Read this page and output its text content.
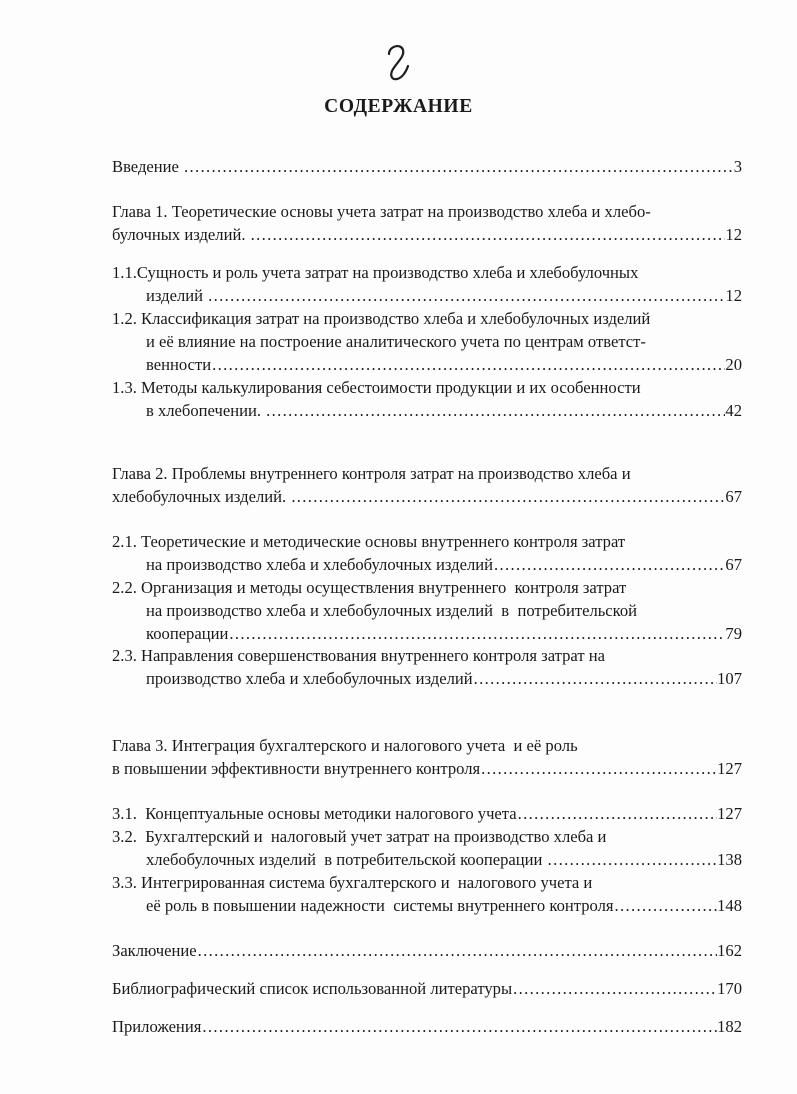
СОДЕРЖАНИЕ
Введение .....	3
Глава 1. Теоретические основы учета затрат на производство хлеба и хлебо-
булочных изделий. .....	12
1.1.Сущность и роль учета затрат на производство хлеба и хлебобулочных
изделий .....	12
1.2. Классификация затрат на производство хлеба и хлебобулочных изделий
и её влияние на построение аналитического учета по центрам ответст-
венности .....	20
1.3. Методы калькулирования себестоимости продукции и их особенности
в хлебопечении. .....	42
Глава 2. Проблемы внутреннего контроля затрат на производство хлеба и
хлебобулочных изделий. .....	67
2.1. Теоретические и методические основы внутреннего контроля затрат
на производство хлеба и хлебобулочных изделий .....	67
2.2. Организация и методы осуществления внутреннего  контроля затрат
на производство хлеба и хлебобулочных изделий  в  потребительской
кооперации .....	79
2.3. Направления совершенствования внутреннего контроля затрат на
производство хлеба и хлебобулочных изделий .....	107
Глава 3. Интеграция бухгалтерского и налогового учета  и её роль
в повышении эффективности внутреннего контроля .....	127
3.1.  Концептуальные основы методики налогового учета .....	127
3.2.  Бухгалтерский и  налоговый учет затрат на производство хлеба и
хлебобулочных изделий  в потребительской кооперации .....	138
3.3. Интегрированная система бухгалтерского и  налогового учета и
её роль в повышении надежности  системы внутреннего контроля .....	148
Заключение .....	162
Библиографический список использованной литературы .....	170
Приложения .....	182
